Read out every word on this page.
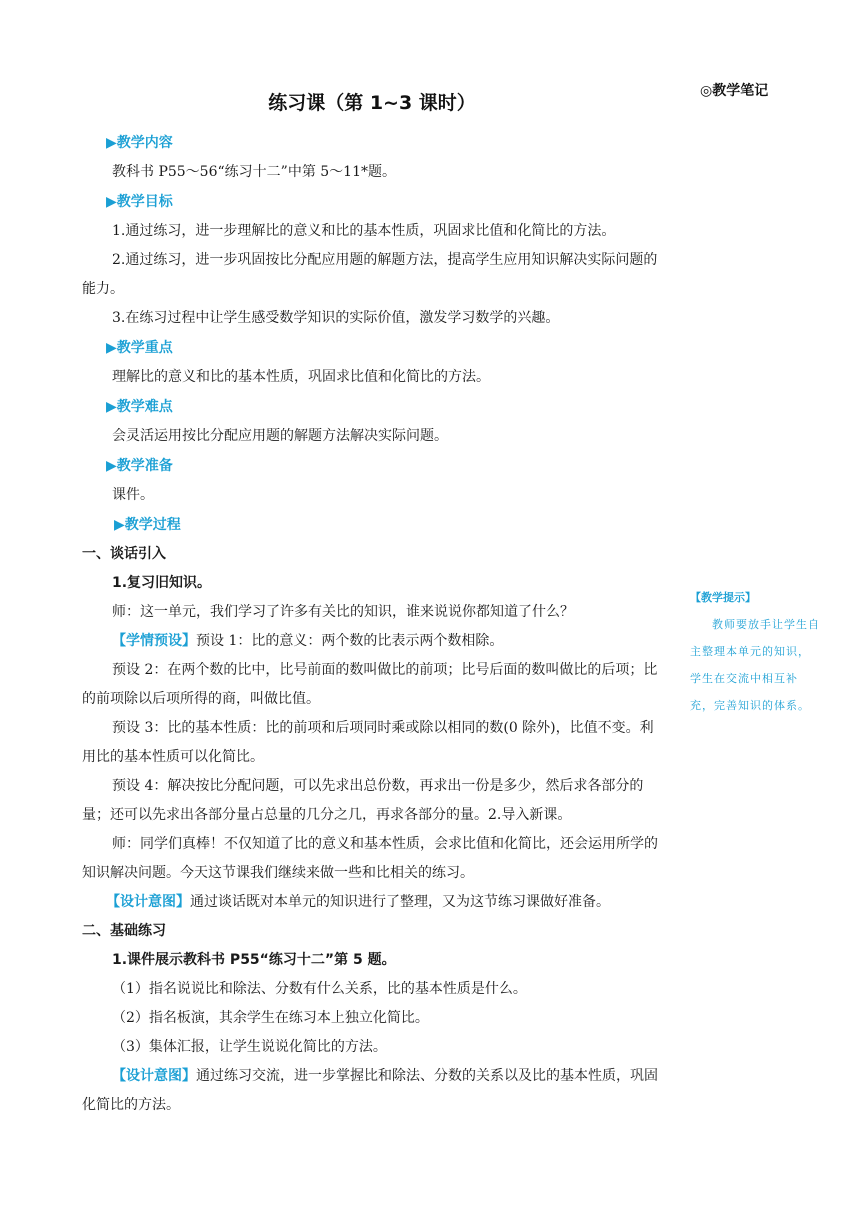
练习课（第 1~3 课时）
◎教学笔记
▶教学内容
教科书 P55～56“练习十二”中第 5～11*题。
▶教学目标
1.通过练习，进一步理解比的意义和比的基本性质，巩固求比值和化简比的方法。
2.通过练习，进一步巩固按比分配应用题的解题方法，提高学生应用知识解决实际问题的能力。
3.在练习过程中让学生感受数学知识的实际价值，激发学习数学的兴趣。
▶教学重点
理解比的意义和比的基本性质，巩固求比值和化简比的方法。
▶教学难点
会灵活运用按比分配应用题的解题方法解决实际问题。
▶教学准备
课件。
▶教学过程
一、谈话引入
1.复习旧知识。
师：这一单元，我们学习了许多有关比的知识，谁来说说你都知道了什么？
【学情预设】预设 1：比的意义：两个数的比表示两个数相除。
预设 2：在两个数的比中，比号前面的数叫做比的前项；比号后面的数叫做比的后项；比的前项除以后项所得的商，叫做比值。
预设 3：比的基本性质：比的前项和后项同时乘或除以相同的数(0 除外)，比值不变。利用比的基本性质可以化简比。
预设 4：解决按比分配问题，可以先求出总份数，再求出一份是多少，然后求各部分的量；还可以先求出各部分量占总量的几分之几，再求各部分的量。2.导入新课。
师：同学们真棒！不仅知道了比的意义和基本性质，会求比值和化简比，还会运用所学的知识解决问题。今天这节课我们继续来做一些和比相关的练习。
【设计意图】通过谈话既对本单元的知识进行了整理，又为这节练习课做好准备。
二、基础练习
1.课件展示教科书 P55“练习十二”第 5 题。
（1）指名说说比和除法、分数有什么关系，比的基本性质是什么。
（2）指名板演，其余学生在练习本上独立化简比。
（3）集体汇报，让学生说说化简比的方法。
【设计意图】通过练习交流，进一步掌握比和除法、分数的关系以及比的基本性质，巩固化简比的方法。
【教学提示】
教师要放手让学生自主整理本单元的知识，学生在交流中相互补充，完善知识的体系。
